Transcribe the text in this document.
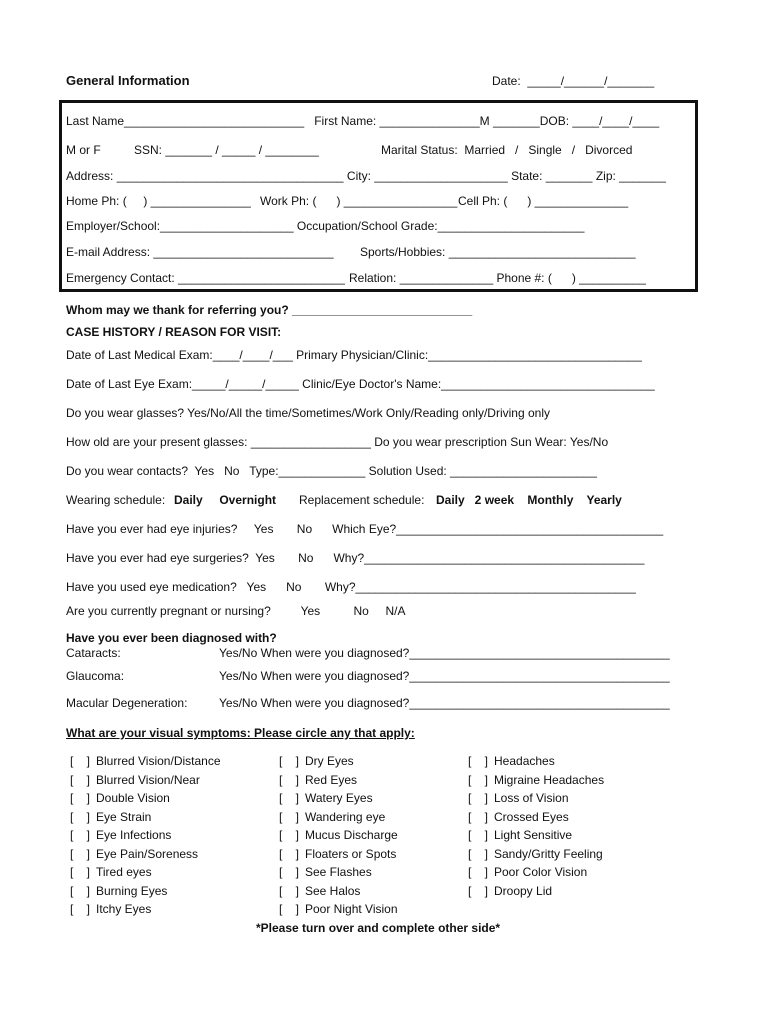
General Information	Date:  _____/______/_______
Last Name___________________________   First Name: _______________M _______DOB: ____/____/____
M or F	SSN: _______ / _____ / ________	Marital Status:  Married   /   Single   /   Divorced
Address: __________________________________ City: ____________________ State: _______ Zip: _______
Home Ph: (     ) _______________ Work Ph: (      ) _________________ Cell Ph: (      ) ______________
Employer/School:____________________ Occupation/School Grade:______________________
E-mail Address: ___________________________ Sports/Hobbies: ____________________________
Emergency Contact: _________________________ Relation: ______________ Phone #: (      ) __________
Whom may we thank for referring you? ___________________________
CASE HISTORY / REASON FOR VISIT:
Date of Last Medical Exam:____/____/___ Primary Physician/Clinic:________________________________
Date of Last Eye Exam:_____/_____/_____ Clinic/Eye Doctor's Name:________________________________
Do you wear glasses? Yes/No/All the time/Sometimes/Work Only/Reading only/Driving only
How old are your present glasses: __________________ Do you wear prescription Sun Wear: Yes/No
Do you wear contacts?  Yes   No   Type:_____________ Solution Used: ______________________
Wearing schedule: Daily     Overnight Replacement schedule: Daily   2 week    Monthly    Yearly
Have you ever had eye injuries?     Yes       No      Which Eye?________________________________________
Have you ever had eye surgeries?  Yes       No      Why?__________________________________________
Have you used eye medication?   Yes      No       Why?__________________________________________
Are you currently pregnant or nursing?         Yes          No     N/A
Have you ever been diagnosed with?
Cataracts:	Yes/No When were you diagnosed?_______________________________________
Glaucoma:	Yes/No When were you diagnosed?_______________________________________
Macular Degeneration:	Yes/No When were you diagnosed?_______________________________________
What are your visual symptoms: Please circle any that apply:
[    ] Blurred Vision/Distance
[    ] Blurred Vision/Near
[    ] Double Vision
[    ] Eye Strain
[    ] Eye Infections
[    ] Eye Pain/Soreness
[    ] Tired eyes
[    ] Burning Eyes
[    ] Itchy Eyes
[    ] Dry Eyes
[    ] Red Eyes
[    ] Watery Eyes
[    ] Wandering eye
[    ] Mucus Discharge
[    ] Floaters or Spots
[    ] See Flashes
[    ] See Halos
[    ] Poor Night Vision
[    ] Headaches
[    ] Migraine Headaches
[    ] Loss of Vision
[    ] Crossed Eyes
[    ] Light Sensitive
[    ] Sandy/Gritty Feeling
[    ] Poor Color Vision
[    ] Droopy Lid
*Please turn over and complete other side*
